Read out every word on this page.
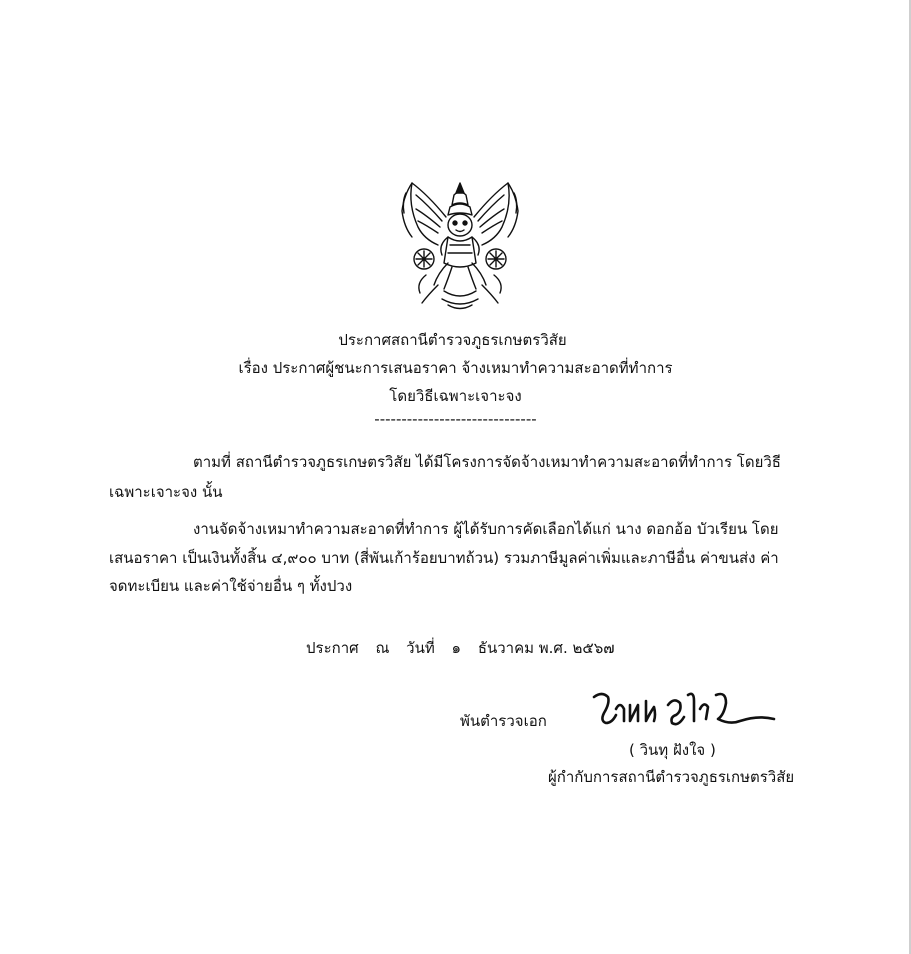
ประกาศสถานีตำรวจภูธรเกษตรวิสัย
เรื่อง ประกาศผู้ชนะการเสนอราคา จ้างเหมาทำความสะอาดที่ทำการ
โดยวิธีเฉพาะเจาะจง
------------------------------
ตามที่ สถานีตำรวจภูธรเกษตรวิสัย ได้มีโครงการจัดจ้างเหมาทำความสะอาดที่ทำการ โดยวิธี
เฉพาะเจาะจง นั้น
งานจัดจ้างเหมาทำความสะอาดที่ทำการ ผู้ได้รับการคัดเลือกได้แก่ นาง ดอกอ้อ บัวเรียน โดย
เสนอราคา เป็นเงินทั้งสิ้น ๔,๙๐๐ บาท (สี่พันเก้าร้อยบาทถ้วน) รวมภาษีมูลค่าเพิ่มและภาษีอื่น ค่าขนส่ง ค่า
จดทะเบียน และค่าใช้จ่ายอื่น ๆ ทั้งปวง
ประกาศ ณ วันที่ ๑ ธันวาคม พ.ศ. ๒๕๖๗
พันตำรวจเอก
( วินทุ ฝังใจ )
ผู้กำกับการสถานีตำรวจภูธรเกษตรวิสัย
